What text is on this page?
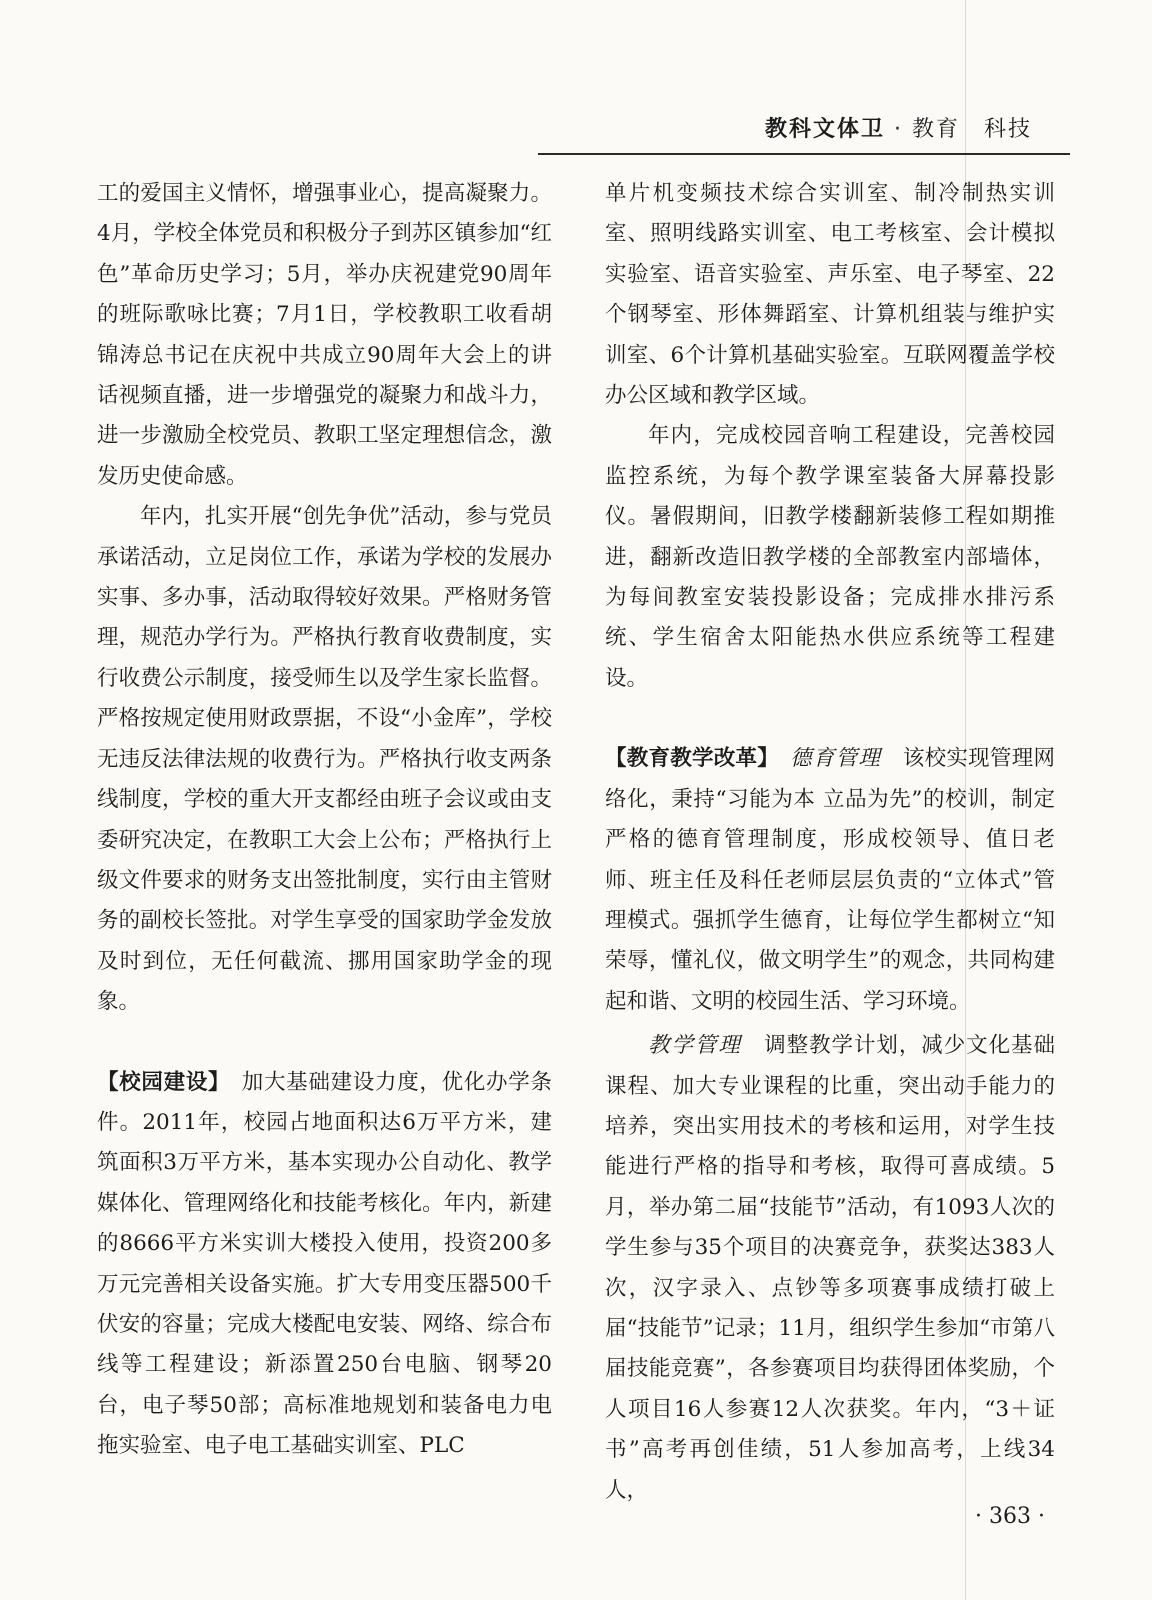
教科文体卫 · 教育　科技

工的爱国主义情怀，增强事业心，提高凝聚力。4月，学校全体党员和积极分子到苏区镇参加“红色”革命历史学习；5月，举办庆祝建党90周年的班际歌咏比赛；7月1日，学校教职工收看胡锦涛总书记在庆祝中共成立90周年大会上的讲话视频直播，进一步增强党的凝聚力和战斗力，进一步激励全校党员、教职工坚定理想信念，激发历史使命感。

年内，扎实开展“创先争优”活动，参与党员承诺活动，立足岗位工作，承诺为学校的发展办实事、多办事，活动取得较好效果。严格财务管理，规范办学行为。严格执行教育收费制度，实行收费公示制度，接受师生以及学生家长监督。严格按规定使用财政票据，不设“小金库”，学校无违反法律法规的收费行为。严格执行收支两条线制度，学校的重大开支都经由班子会议或由支委研究决定，在教职工大会上公布；严格执行上级文件要求的财务支出签批制度，实行由主管财务的副校长签批。对学生享受的国家助学金发放及时到位，无任何截流、挪用国家助学金的现象。

【校园建设】　 加大基础建设力度，优化办学条件。2011年，校园占地面积达6万平方米，建筑面积3万平方米，基本实现办公自动化、教学媒体化、管理网络化和技能考核化。年内，新建的8666平方米实训大楼投入使用，投资200多万元完善相关设备实施。扩大专用变压器500千伏安的容量；完成大楼配电安装、网络、综合布线等工程建设；新添置250台电脑、钢琴20台，电子琴50部；高标准地规划和装备电力电拖实验室、电子电工基础实训室、PLC

单片机变频技术综合实训室、制冷制热实训室、照明线路实训室、电工考核室、会计模拟实验室、语音实验室、声乐室、电子琴室、22个钢琴室、形体舞蹈室、计算机组装与维护实训室、6个计算机基础实验室。互联网覆盖学校办公区域和教学区域。

年内，完成校园音响工程建设，完善校园监控系统，为每个教学课室装备大屏幕投影仪。暑假期间，旧教学楼翻新装修工程如期推进，翻新改造旧教学楼的全部教室内部墙体，为每间教室安装投影设备；完成排水排污系统、学生宿舍太阳能热水供应系统等工程建设。

【教育教学改革】　 德育管理　 该校实现管理网络化，秉持“习能为本 立品为先”的校训，制定严格的德育管理制度，形成校领导、值日老师、班主任及科任老师层层负责的“立体式”管理模式。强抓学生德育，让每位学生都树立“知荣辱，懂礼仪，做文明学生”的观念，共同构建起和谐、文明的校园生活、学习环境。

教学管理　 调整教学计划，减少文化基础课程、加大专业课程的比重，突出动手能力的培养，突出实用技术的考核和运用，对学生技能进行严格的指导和考核，取得可喜成绩。5月，举办第二届“技能节”活动，有1093人次的学生参与35个项目的决赛竞争，获奖达383人次，汉字录入、点钞等多项赛事成绩打破上届“技能节”记录；11月，组织学生参加“市第八届技能竞赛”，各参赛项目均获得团体奖励，个人项目16人参赛12人次获奖。年内，“3＋证书”高考再创佳绩，51人参加高考，上线34人，

· 363 ·
